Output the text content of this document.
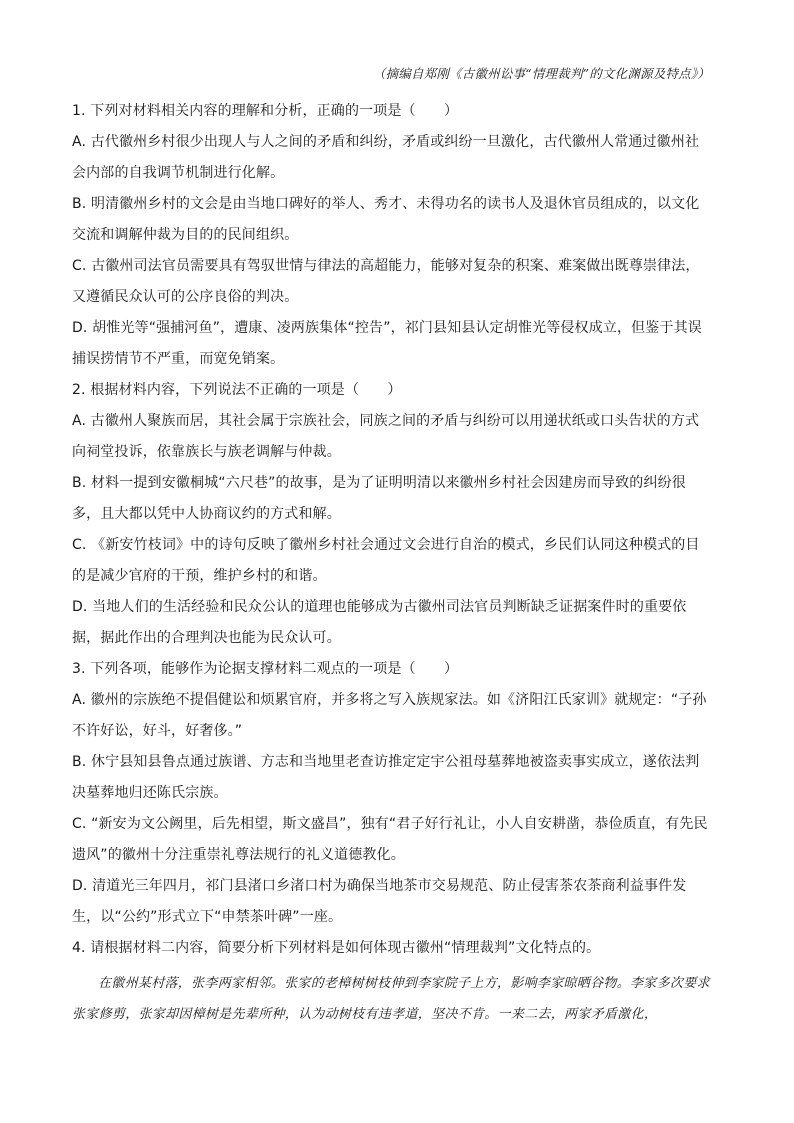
（摘编自郑刚《古徽州讼事“情理裁判”的文化渊源及特点》）

1. 下列对材料相关内容的理解和分析，正确的一项是（　　）

A. 古代徽州乡村很少出现人与人之间的矛盾和纠纷，矛盾或纠纷一旦激化，古代徽州人常通过徽州社会内部的自我调节机制进行化解。

B. 明清徽州乡村的文会是由当地口碑好的举人、秀才、未得功名的读书人及退休官员组成的，以文化交流和调解仲裁为目的的民间组织。

C. 古徽州司法官员需要具有驾驭世情与律法的高超能力，能够对复杂的积案、难案做出既尊崇律法，又遵循民众认可的公序良俗的判决。

D. 胡惟光等“强捕河鱼”，遭康、凌两族集体“控告”，祁门县知县认定胡惟光等侵权成立，但鉴于其误捕误捞情节不严重，而宽免销案。

2. 根据材料内容，下列说法不正确的一项是（　　）

A. 古徽州人聚族而居，其社会属于宗族社会，同族之间的矛盾与纠纷可以用递状纸或口头告状的方式向祠堂投诉，依靠族长与族老调解与仲裁。

B. 材料一提到安徽桐城“六尺巷”的故事，是为了证明明清以来徽州乡村社会因建房而导致的纠纷很多，且大都以凭中人协商议约的方式和解。

C. 《新安竹枝词》中的诗句反映了徽州乡村社会通过文会进行自治的模式，乡民们认同这种模式的目的是减少官府的干预，维护乡村的和谐。

D. 当地人们的生活经验和民众公认的道理也能够成为古徽州司法官员判断缺乏证据案件时的重要依据，据此作出的合理判决也能为民众认可。

3. 下列各项，能够作为论据支撑材料二观点的一项是（　　）

A. 徽州的宗族绝不提倡健讼和烦累官府，并多将之写入族规家法。如《济阳江氏家训》就规定：“子孙不许好讼，好斗，好奢侈。”

B. 休宁县知县鲁点通过族谱、方志和当地里老查访推定定宇公祖母墓葬地被盗卖事实成立，遂依法判决墓葬地归还陈氏宗族。

C. “新安为文公阙里，后先相望，斯文盛昌”，独有“君子好行礼让，小人自安耕凿，恭俭质直，有先民遗风”的徽州十分注重崇礼尊法规行的礼义道德教化。

D. 清道光三年四月，祁门县渚口乡渚口村为确保当地茶市交易规范、防止侵害茶农茶商利益事件发生，以“公约”形式立下“申禁茶叶碑”一座。

4. 请根据材料二内容，简要分析下列材料是如何体现古徽州“情理裁判”文化特点的。

在徽州某村落，张李两家相邻。张家的老樟树树枝伸到李家院子上方，影响李家晾晒谷物。李家多次要求张家修剪，张家却因樟树是先辈所种，认为动树枝有违孝道，坚决不肯。一来二去，两家矛盾激化，
